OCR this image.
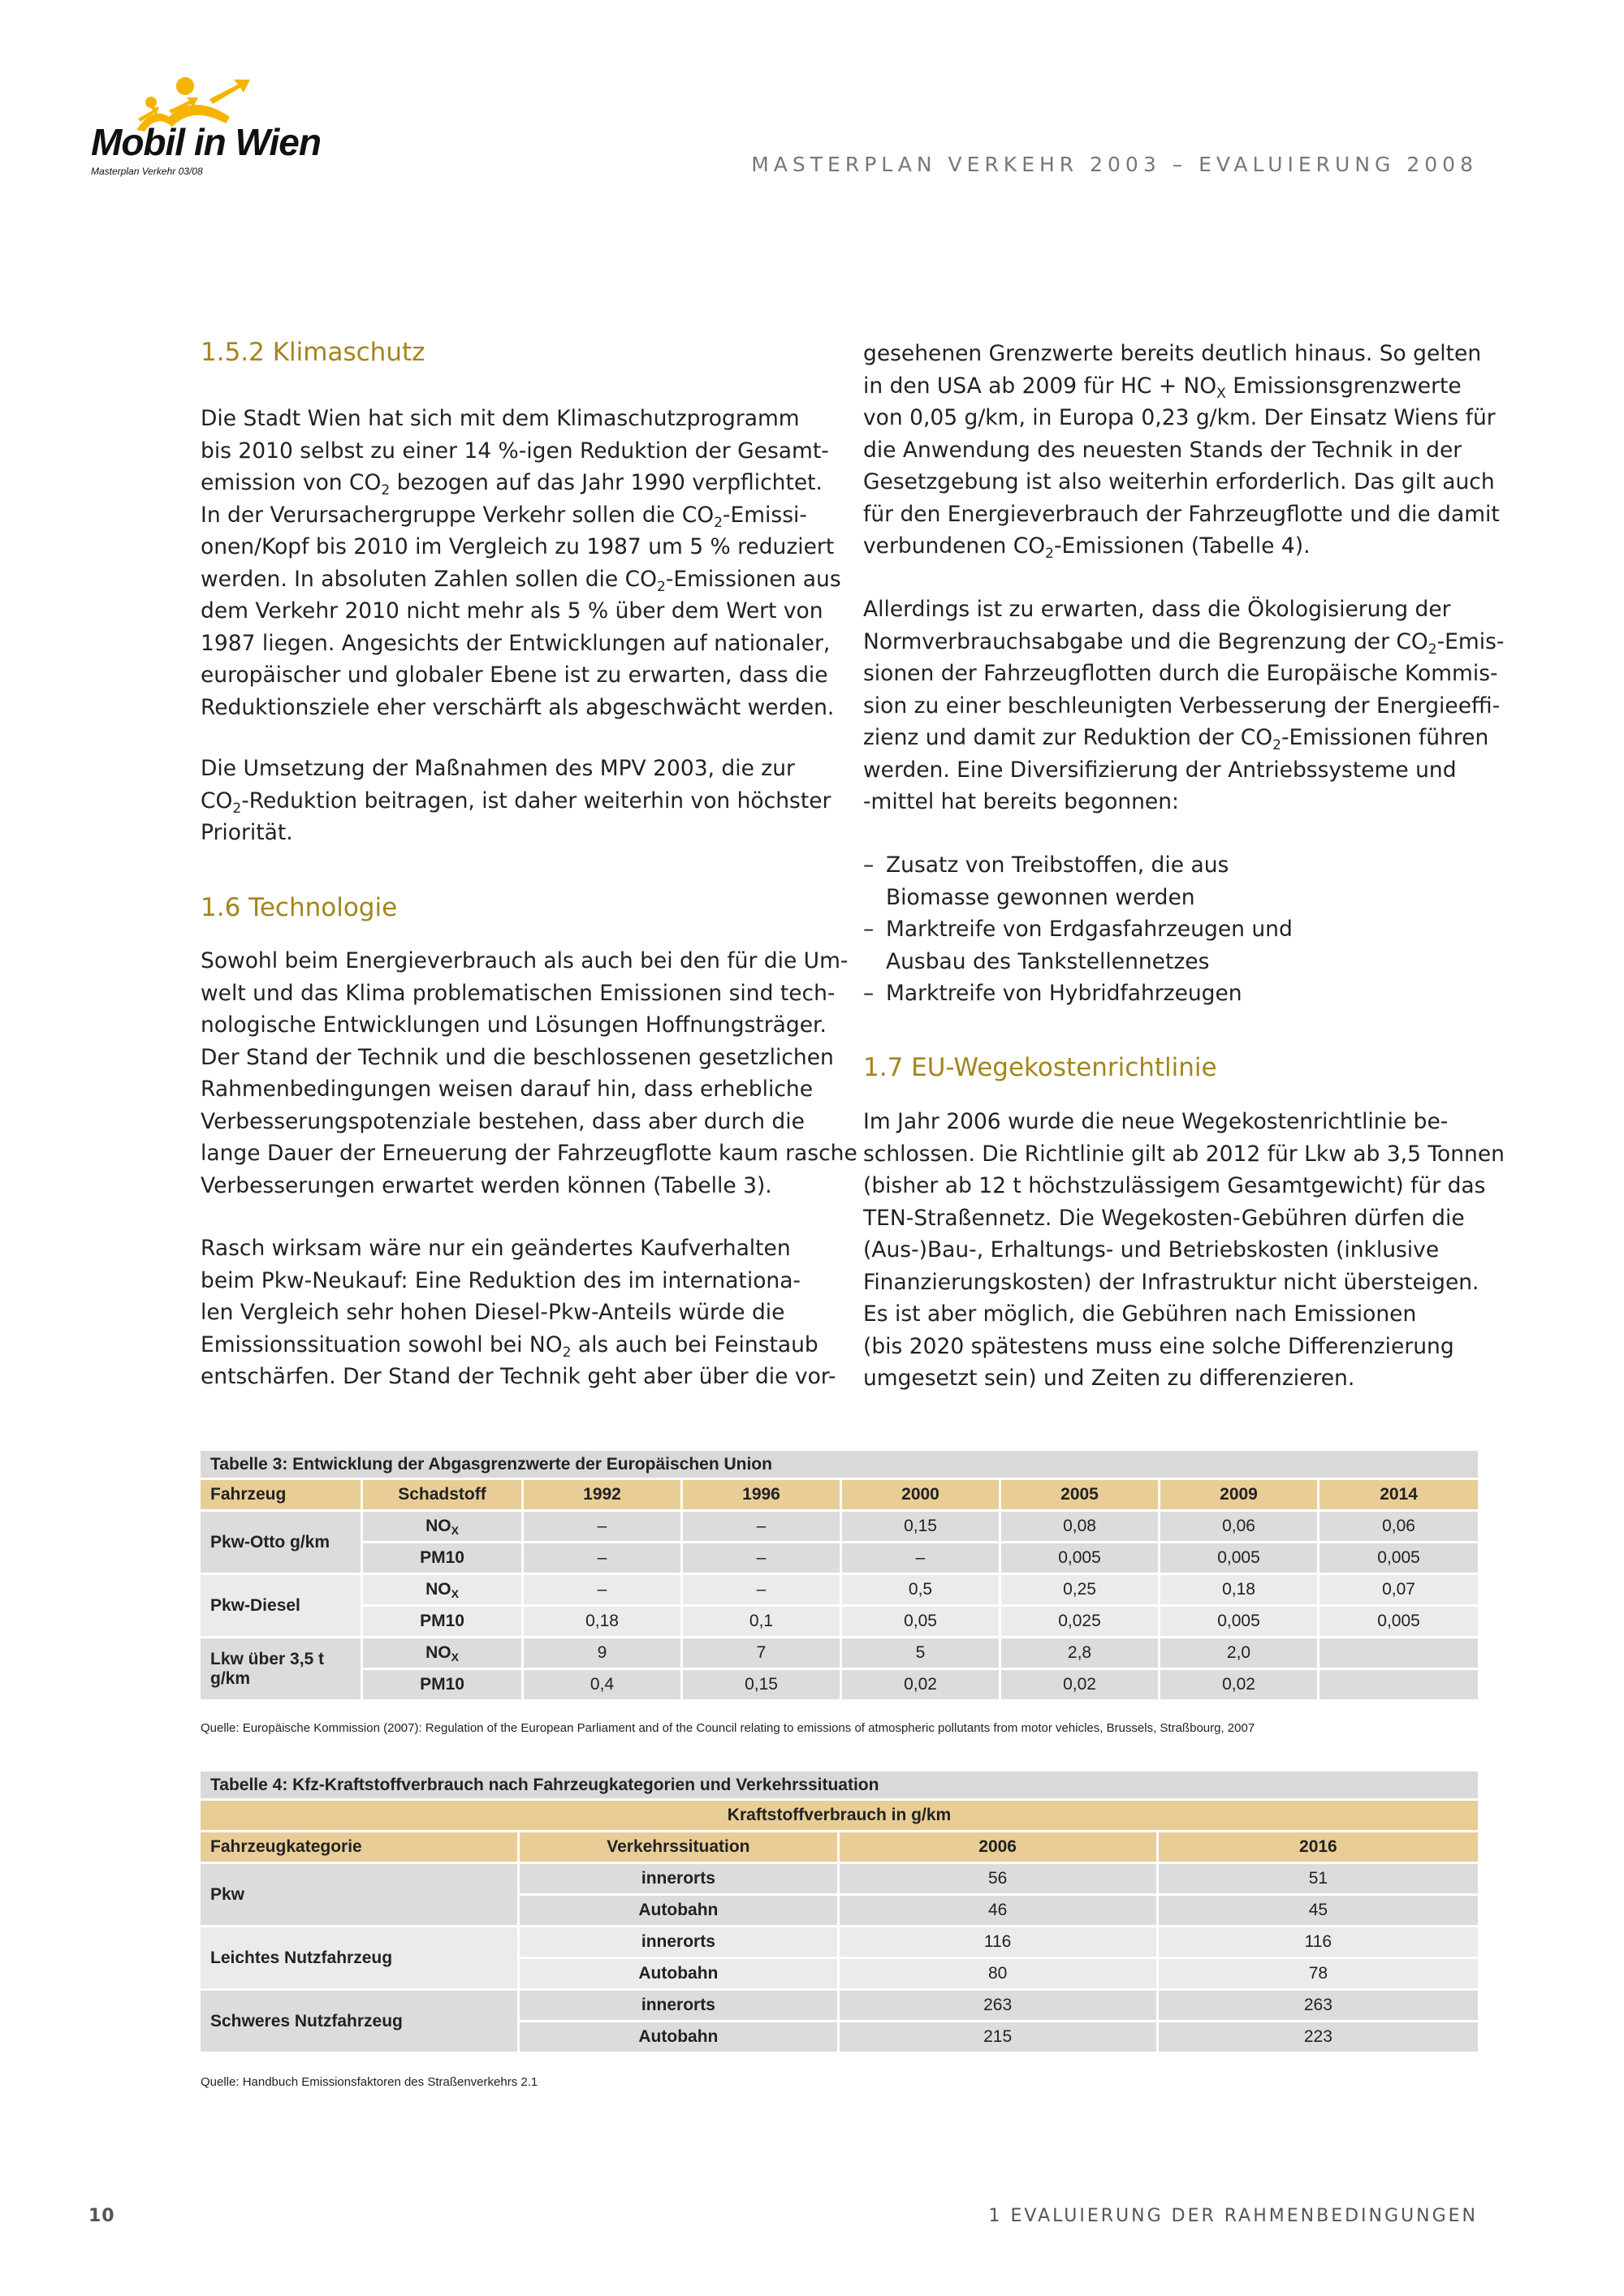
Mobil in Wien
Masterplan Verkehr 03/08	MASTERPLAN VERKEHR 2003 – EVALUIERUNG 2008
1.5.2 Klimaschutz
Die Stadt Wien hat sich mit dem Klimaschutzprogramm
bis 2010 selbst zu einer 14 %-igen Reduktion der Gesamt-
emission von $CO_2$ bezogen auf das Jahr 1990 verpflichtet.
In der Verursachergruppe Verkehr sollen die $CO_2-Emissi-$
onen/Kopf bis 2010 im Vergleich zu 1987 um 5 % reduziert
werden. In absoluten Zahlen sollen die $CO_2$-Emissionen aus
dem Verkehr 2010 nicht mehr als 5 % über dem Wert von
1987 liegen. Angesichts der Entwicklungen auf nationaler,
europäischer und globaler Ebene ist zu erwarten, dass die
Reduktionsziele eher verschärft als abgeschwächt werden.
Die Umsetzung der Maßnahmen des MPV 2003, die zur
$CO_2$-Reduktion beitragen, ist daher weiterhin von höchster
Priorität.
1.6 Technologie
Sowohl beim Energieverbrauch als auch bei den für die Um-
welt und das Klima problematischen Emissionen sind tech-
nologische Entwicklungen und Lösungen Hoffnungsträger.
Der Stand der Technik und die beschlossenen gesetzlichen
Rahmenbedingungen weisen darauf hin, dass erhebliche
Verbesserungspotenziale bestehen, dass aber durch die
lange Dauer der Erneuerung der Fahrzeugflotte kaum rasche
Verbesserungen erwartet werden können (Tabelle 3).
Rasch wirksam wäre nur ein geändertes Kaufverhalten
beim Pkw-Neukauf: Eine Reduktion des im internationa-
len Vergleich sehr hohen Diesel-Pkw-Anteils würde die
Emissionssituation sowohl bei $NO_2$ als auch bei Feinstaub
entschärfen. Der Stand der Technik geht aber über die vor-
gesehenen Grenzwerte bereits deutlich hinaus. So gelten
in den USA ab 2009 für HC + $NO_X$ Emissionsgrenzwerte
von 0,05 g/km, in Europa 0,23 g/km. Der Einsatz Wiens für
die Anwendung des neuesten Stands der Technik in der
Gesetzgebung ist also weiterhin erforderlich. Das gilt auch
für den Energieverbrauch der Fahrzeugflotte und die damit
verbundenen $CO_2$-Emissionen (Tabelle 4).
Allerdings ist zu erwarten, dass die Ökologisierung der
Normverbrauchsabgabe und die Begrenzung der $CO_2-Emis-$
sionen der Fahrzeugflotten durch die Europäische Kommis-
sion zu einer beschleunigten Verbesserung der Energieeffi-
zienz und damit zur Reduktion der $CO_2$-Emissionen führen
werden. Eine Diversifizierung der Antriebssysteme und
-mittel hat bereits begonnen:
– Zusatz von Treibstoffen, die aus
Biomasse gewonnen werden
– Marktreife von Erdgasfahrzeugen und
Ausbau des Tankstellennetzes
– Marktreife von Hybridfahrzeugen
1.7 EU-Wegekostenrichtlinie
Im Jahr 2006 wurde die neue Wegekostenrichtlinie be-
schlossen. Die Richtlinie gilt ab 2012 für Lkw ab 3,5 Tonnen
(bisher ab 12 t höchstzulässigem Gesamtgewicht) für das
TEN-Straßennetz. Die Wegekosten-Gebühren dürfen die
(Aus-)Bau-, Erhaltungs- und Betriebskosten (inklusive
Finanzierungskosten) der Infrastruktur nicht übersteigen.
Es ist aber möglich, die Gebühren nach Emissionen
(bis 2020 spätestens muss eine solche Differenzierung
umgesetzt sein) und Zeiten zu differenzieren.
Tabelle 3: Entwicklung der Abgasgrenzwerte der Europäischen Union							
Fahrzeug	Schadstoff	1992	1996	2000	2005	2009	2014
Pkw-Otto g/km	$NO_X$	–	–	0,15	0,08	0,06	0,06
	PM10	–	–	–	0,005	0,005	0,005
Pkw-Diesel	$NO_X$	–	–	0,5	0,25	0,18	0,07
	PM10	0,18	0,1	0,05	0,025	0,005	0,005
Lkw über 3,5 t g/km	$NO_X$	9	7	5	2,8	2,0	
	PM10	0,4	0,15	0,02	0,02	0,02	
Quelle: Europäische Kommission (2007): Regulation of the European Parliament and of the Council relating to emissions of atmospheric pollutants from motor vehicles, Brussels, Straßbourg, 2007
Tabelle 4: Kfz-Kraftstoffverbrauch nach Fahrzeugkategorien und Verkehrssituation			
Kraftstoffverbrauch in g/km			
Fahrzeugkategorie	Verkehrssituation	2006	2016
Pkw	innerorts	56	51
	Autobahn	46	45
Leichtes Nutzfahrzeug	innerorts	116	116
	Autobahn	80	78
Schweres Nutzfahrzeug	innerorts	263	263
	Autobahn	215	223
Quelle: Handbuch Emissionsfaktoren des Straßenverkehrs 2.1
10	1 EVALUIERUNG DER RAHMENBEDINGUNGEN
